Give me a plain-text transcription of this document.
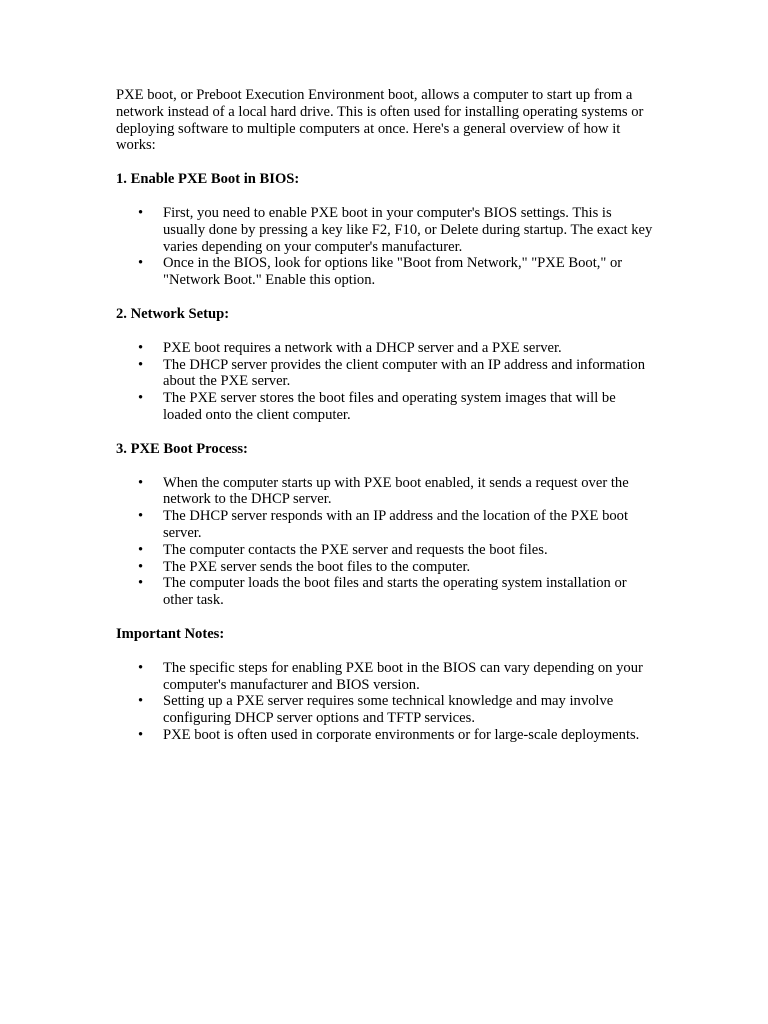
PXE boot, or Preboot Execution Environment boot, allows a computer to start up from a network instead of a local hard drive. This is often used for installing operating systems or deploying software to multiple computers at once. Here's a general overview of how it works:

1. Enable PXE Boot in BIOS:

• First, you need to enable PXE boot in your computer's BIOS settings. This is usually done by pressing a key like F2, F10, or Delete during startup. The exact key varies depending on your computer's manufacturer.
• Once in the BIOS, look for options like "Boot from Network," "PXE Boot," or "Network Boot." Enable this option.

2. Network Setup:

• PXE boot requires a network with a DHCP server and a PXE server.
• The DHCP server provides the client computer with an IP address and information about the PXE server.
• The PXE server stores the boot files and operating system images that will be loaded onto the client computer.

3. PXE Boot Process:

• When the computer starts up with PXE boot enabled, it sends a request over the network to the DHCP server.
• The DHCP server responds with an IP address and the location of the PXE boot server.
• The computer contacts the PXE server and requests the boot files.
• The PXE server sends the boot files to the computer.
• The computer loads the boot files and starts the operating system installation or other task.

Important Notes:

• The specific steps for enabling PXE boot in the BIOS can vary depending on your computer's manufacturer and BIOS version.
• Setting up a PXE server requires some technical knowledge and may involve configuring DHCP server options and TFTP services.
• PXE boot is often used in corporate environments or for large-scale deployments.
